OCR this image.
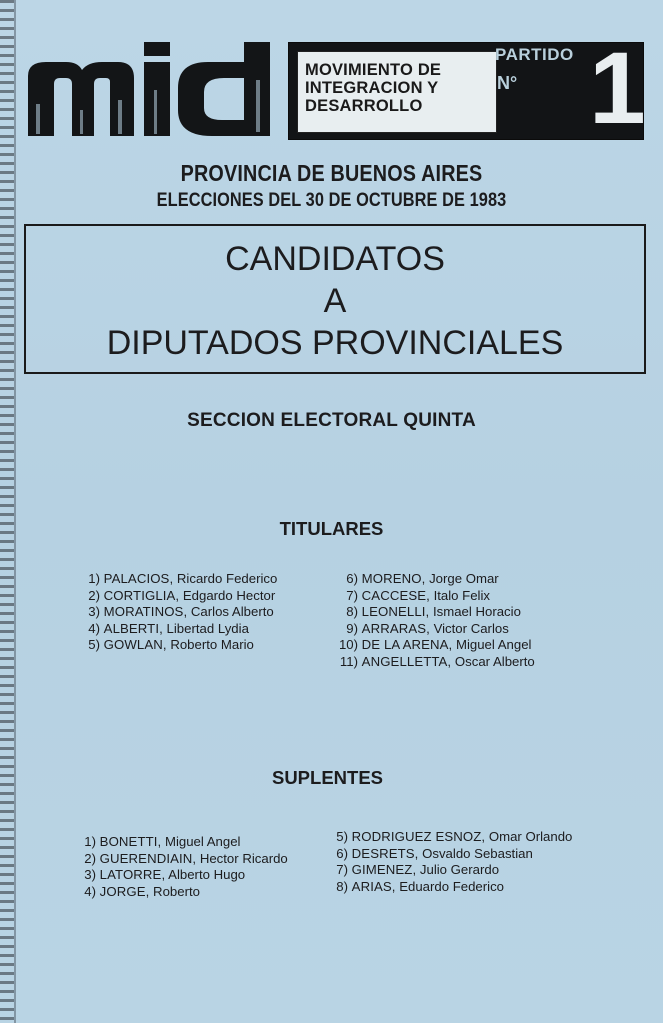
MOVIMIENTO DE
INTEGRACION Y
DESARROLLO
PARTIDO
N° 1
PROVINCIA DE BUENOS AIRES
ELECCIONES DEL 30 DE OCTUBRE DE 1983
CANDIDATOS
A
DIPUTADOS PROVINCIALES
SECCION ELECTORAL QUINTA
TITULARES
1) PALACIOS, Ricardo Federico
2) CORTIGLIA, Edgardo Hector
3) MORATINOS, Carlos Alberto
4) ALBERTI, Libertad Lydia
5) GOWLAN, Roberto Mario
6) MORENO, Jorge Omar
7) CACCESE, Italo Felix
8) LEONELLI, Ismael Horacio
9) ARRARAS, Victor Carlos
10) DE LA ARENA, Miguel Angel
11) ANGELLETTA, Oscar Alberto
SUPLENTES
1) BONETTI, Miguel Angel
2) GUERENDIAIN, Hector Ricardo
3) LATORRE, Alberto Hugo
4) JORGE, Roberto
5) RODRIGUEZ ESNOZ, Omar Orlando
6) DESRETS, Osvaldo Sebastian
7) GIMENEZ, Julio Gerardo
8) ARIAS, Eduardo Federico
